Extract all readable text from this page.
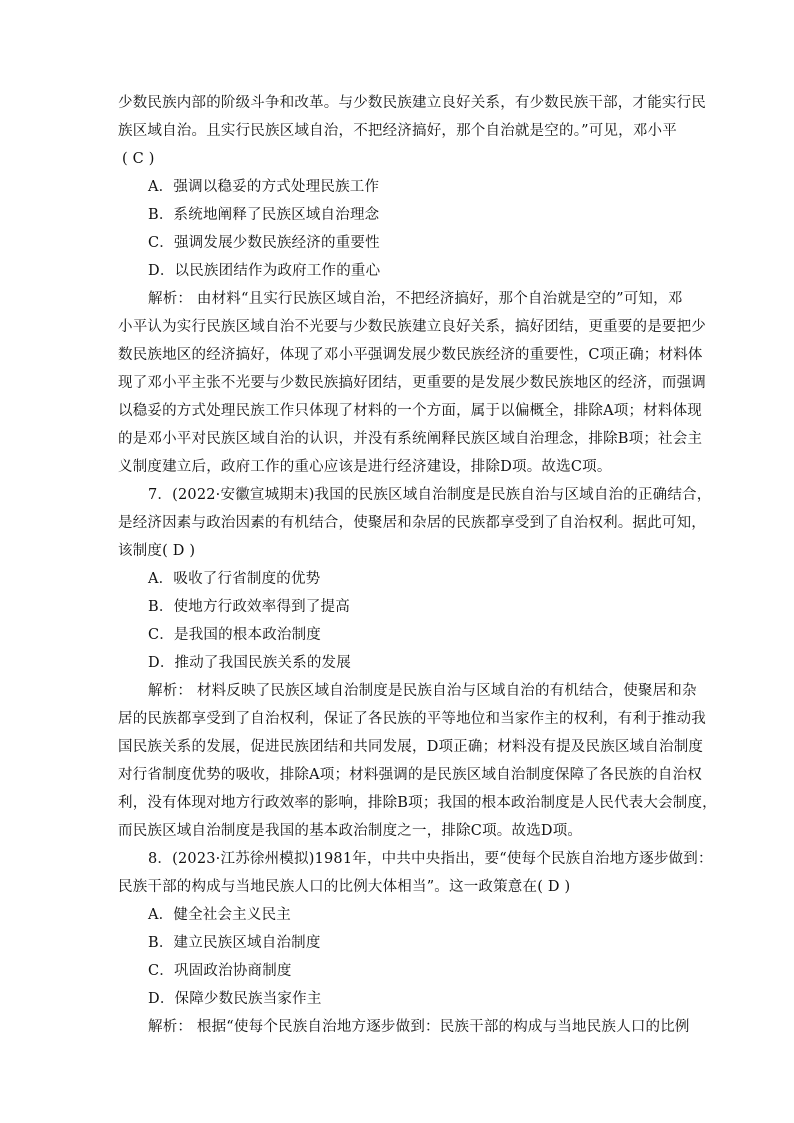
少数民族内部的阶级斗争和改革。与少数民族建立良好关系，有少数民族干部，才能实行民
族区域自治。且实行民族区域自治，不把经济搞好，那个自治就是空的。”可见，邓小平
( C )
A．强调以稳妥的方式处理民族工作
B．系统地阐释了民族区域自治理念
C．强调发展少数民族经济的重要性
D．以民族团结作为政府工作的重心
解析： 由材料“且实行民族区域自治，不把经济搞好，那个自治就是空的”可知，邓
小平认为实行民族区域自治不光要与少数民族建立良好关系，搞好团结，更重要的是要把少
数民族地区的经济搞好，体现了邓小平强调发展少数民族经济的重要性，C项正确；材料体
现了邓小平主张不光要与少数民族搞好团结，更重要的是发展少数民族地区的经济，而强调
以稳妥的方式处理民族工作只体现了材料的一个方面，属于以偏概全，排除A项；材料体现
的是邓小平对民族区域自治的认识，并没有系统阐释民族区域自治理念，排除B项；社会主
义制度建立后，政府工作的重心应该是进行经济建设，排除D项。故选C项。
7．(2022·安徽宣城期末)我国的民族区域自治制度是民族自治与区域自治的正确结合，
是经济因素与政治因素的有机结合，使聚居和杂居的民族都享受到了自治权利。据此可知，
该制度( D )
A．吸收了行省制度的优势
B．使地方行政效率得到了提高
C．是我国的根本政治制度
D．推动了我国民族关系的发展
解析： 材料反映了民族区域自治制度是民族自治与区域自治的有机结合，使聚居和杂
居的民族都享受到了自治权利，保证了各民族的平等地位和当家作主的权利，有利于推动我
国民族关系的发展，促进民族团结和共同发展，D项正确；材料没有提及民族区域自治制度
对行省制度优势的吸收，排除A项；材料强调的是民族区域自治制度保障了各民族的自治权
利，没有体现对地方行政效率的影响，排除B项；我国的根本政治制度是人民代表大会制度，
而民族区域自治制度是我国的基本政治制度之一，排除C项。故选D项。
8．(2023·江苏徐州模拟)1981年，中共中央指出，要“使每个民族自治地方逐步做到：
民族干部的构成与当地民族人口的比例大体相当”。这一政策意在( D )
A．健全社会主义民主
B．建立民族区域自治制度
C．巩固政治协商制度
D．保障少数民族当家作主
解析： 根据“使每个民族自治地方逐步做到：民族干部的构成与当地民族人口的比例
